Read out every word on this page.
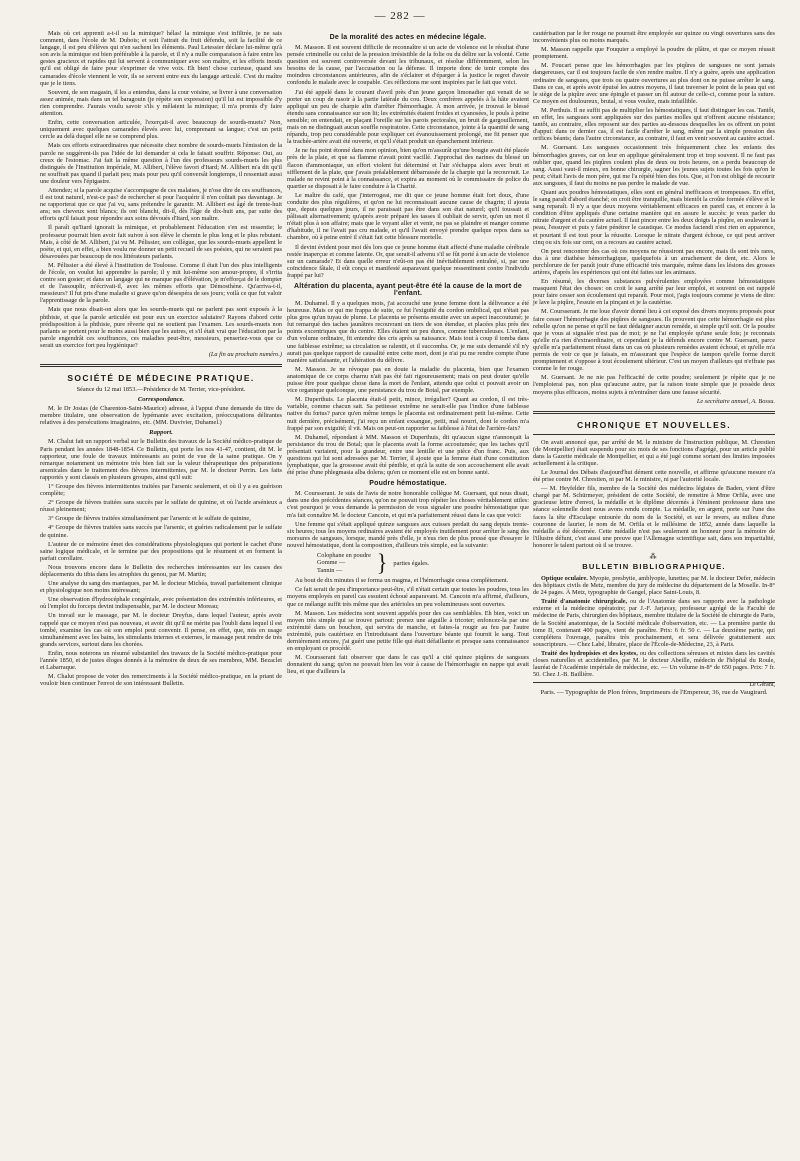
— 282 —

Mais où cet apprenti a-t-il su la mimique? hélas! la mimique s'est infiltrée, je ne sais comment, dans l'école de M. Dubois; et soit l'attrait du fruit défendu, soit la facilité de ce langage, il est peu d'élèves qui n'en sachent les éléments. Paul Letessier déclare lui-même qu'à son avis la mimique est bien préférable à la parole, et il n'y a nulle comparaison à faire entre les gestes gracieux et rapides qui lui servent à communiquer avec son maître, et les efforts inouïs qu'il est obligé de faire pour s'exprimer de vive voix. Eh bien! chose curieuse, quand ses camarades d'école viennent le voir, ils se servent entre eux du langage articulé. C'est du maître que je le tiens.

Souvent, de son magasin, il les a entendus, dans la cour voisine, se livrer à une conversation assez animée, mais dans un tel baragouin (je répète son expression) qu'il lui est impossible d'y rien comprendre. J'aurais voulu savoir s'ils y mêlaient la mimique; il m'a promis d'y faire attention.

Enfin, cette conversation articulée, l'exerçait-il avec beaucoup de sourds-muets? Non, uniquement avec quelques camarades élevés avec lui, comprenant sa langue; c'est un petit cercle au delà duquel elle ne se comprend plus.

Mais ces efforts extraordinaires que nécessite chez nombre de sourds-muets l'émission de la parole ne suggèrent-ils pas l'idée de lui demander si cela le faisait souffrir. Réponse: Oui, au creux de l'estomac. J'ai fait la même question à l'un des professeurs sourds-muets les plus distingués de l'Institution impériale, M. Allibert, l'élève favori d'Itard; M. Allibert m'a dit qu'il ne souffrait pas quand il parlait peu; mais pour peu qu'il conversât longtemps, il ressentait aussi une douleur vers l'épigastre.

Attendez; si la parole acquise s'accompagne de ces malaises, je n'ose dire de ces souffrances, il est tout naturel, n'est-ce pas? de rechercher si pour l'acquérir il n'en coûtait pas davantage. Je ne rapporterai que ce que j'ai vu, sans prétendre le garantir. M. Allibert est âgé de trente-huit ans; ses cheveux sont blancs; ils ont blanchi, dit-il, dès l'âge de dix-huit ans, par suite des efforts qu'il faisait pour répondre aux soins dévoués d'Itard, son maître.

Il paraît qu'Itard ignorait la mimique, et probablement l'éducation s'en est ressentie; le professeur pourrait bien avoir fait suivre à son élève le chemin le plus long et le plus rebutant. Mais, à côté de M. Allibert, j'ai vu M. Pélissier, son collègue, que les sourds-muets appellent le poète, et qui, en effet, a bien voulu me donner un petit recueil de ses poésies, qui ne seraient pas désavouées par beaucoup de nos littérateurs parlants.

M. Pélissier a été élevé à l'institution de Toulouse. Comme il était l'un des plus intelligents de l'école, on voulut lui apprendre la parole; il y mit lui-même son amour-propre, il s'irrita contre son gosier; et dans un langage qui ne manque pas d'élévation, je m'efforçai de le dompter et de l'assouplir, m'écrivait-il, avec les mêmes efforts que Démosthène. Qu'arriva-t-il, messieurs? Il fut pris d'une maladie si grave qu'on désespéra de ses jours; voilà ce que fut valoir l'apprentissage de la parole.

Mais que nous disait-on alors que les sourds-muets qui ne parlent pas sont exposés à la phthisie, et que la parole articulée est pour eux un exercice salutaire? Rayons d'abord cette prédisposition à la phthisie, pure rêverie qui ne soutient pas l'examen. Les sourds-muets non parlants se portent pour le moins aussi bien que les autres, et s'il était vrai que l'éducation par la parole engendrât ces souffrances, ces maladies peut-être, messieurs, penseriez-vous que ce serait un exercice fort peu hygiénique?

(La fin au prochain numéro.)
SOCIÉTÉ DE MÉDECINE PRATIQUE.

Séance du 12 mai 1853.—Présidence de M. Terrier, vice-président.

Correspondance.

M. le Dr Josias (de Charenton-Saint-Maurice) adresse, à l'appui d'une demande du titre de membre titulaire, une observation de lypémanie avec excitation, préoccupations délirantes relatives à des persécutions imaginaires, etc. (MM. Duvivier, Duhamel.)

Rapport.

M. Chalut fait un rapport verbal sur le Bulletin des travaux de la Société médico-pratique de Paris pendant les années 1848-1854. Ce Bulletin, qui porte les nos 41-47, contient, dit M. le rapporteur, une foule de travaux intéressants au point de vue de la saine pratique. On y remarque notamment un mémoire très bien fait sur la valeur thérapeutique des préparations arsenicales dans le traitement des fièvres intermittentes, par M. le docteur Perrin. Les faits rapportés y sont classés en plusieurs groupes, ainsi qu'il suit:

1° Groupe des fièvres intermittentes traitées par l'arsenic seulement, et où il y a eu guérison complète;

2° Groupe de fièvres traitées sans succès par le sulfate de quinine, et où l'acide arsénieux a réussi pleinement;

3° Groupe de fièvres traitées simultanément par l'arsenic et le sulfate de quinine,

4° Groupe de fièvres traitées sans succès par l'arsenic, et guéries radicalement par le sulfate de quinine.

L'auteur de ce mémoire émet des considérations physiologiques qui portent le cachet d'une saine logique médicale, et le termine par des propositions qui le résument et en forment la parfait corollaire.

Nous trouvons encore dans le Bulletin des recherches intéressantes sur les causes des déplacements du tibia dans les atrophies du genou, par M. Martin;

Une analyse du sang des maniaques, par M. le docteur Michéa, travail parfaitement clinique et physiologique non moins intéressant;

Une observation d'hydrocéphale congéniale, avec présentation des extrémités inférieures, et où l'emploi du forceps devint indispensable, par M. le docteur Moreau;

Un travail sur le massage, par M. le docteur Dreyfus, dans lequel l'auteur, après avoir rappelé que ce moyen n'est pas nouveau, et avoir dit qu'il ne mérite pas l'oubli dans lequel il est tombé, examine les cas où son emploi peut convenir. Il pense, en effet, que, mis en usage simultanément avec les bains, les stimulants internes et externes, le massage peut rendre de très grands services, surtout dans les chorées.

Enfin, nous noterons un résumé substantiel des travaux de la Société médico-pratique pour l'année 1850, et de justes éloges donnés à la mémoire de deux de ses membres, MM. Bezaclet et Labarraque.

M. Chalut propose de voter des remerciments à la Société médico-pratique, en la priant de vouloir bien continuer l'envoi de son intéressant Bulletin.

De la moralité des actes en médecine légale.

M. Masson. Il est souvent difficile de reconnaître si un acte de violence est le résultat d'une pensée criminelle ou celui de la pression irrésistible de la folie ou du délire sur la volonté. Cette question est souvent controversée devant les tribunaux, et résolue différemment, selon les besoins de la cause, par l'accusation ou la défense. Il importe donc de tenir compte des moindres circonstances antérieures, afin de s'éclairer et d'éparger à la justice le regret d'avoir confondu le malade avec le coupable. Ces réflexions me sont inspirées par le fait que voici.

J'ai été appelé dans le courant d'avril près d'un jeune garçon limonadier qui venait de se porter un coup de rasoir à la partie latérale du cou. Deux confrères appelés à la hâte avaient appliqué un peu de charpie afin d'arrêter l'hémorrhagie. À mon arrivée, je trouvai le blessé étendu sans connaissance sur son lit; les extrémités étaient froides et cyanosées, le pouls à peine sensible; on entendait, en plaçant l'oreille sur les parois pectorales, un bruit de gargouillement, mais on ne distinguait aucun souffle respiratoire. Cette circonstance, jointe à la quantité de sang répandu, trop peu considérable pour expliquer cet évanouissement prolongé, me fit penser que la trachée-artère avait été ouverte, et qu'il s'était produit un épanchement intérieur.

Je ne fus point étonné dans mon opinion, bien qu'on m'assurât qu'une bougie avait été placée près de la plaie, et que sa flamme n'avait point vacillé. J'approchai des narines du blessé un flacon d'ammoniaque, un effort violent fut déterminé et l'air s'échappa alors avec bruit et sifflement de la plaie, que j'avais préalablement débarrassée de la charpie qui la recouvrait. Le malade ne revint point à la connaissance, et expira au moment où le commissaire de police du quartier se disposait à le faire conduire à la Charité.

Le maître du café, que j'interrogeai, me dit que ce jeune homme était fort doux, d'une conduite des plus régulières, et qu'on ne lui reconnaissait aucune cause de chagrin; il ajouta que, depuis quelques jours, il ne paraissait pas être dans son état naturel; qu'il toussait et pâlissait alternativement; qu'après avoir préparé les tasses il oubliait de servir, qu'en un mot il n'était plus à son affaire; mais que le voyant aller et venir, ne pas se plaindre et manger comme d'habitude, il ne l'avait pas cru malade, et qu'il l'avait envoyé prendre quelque repos dans sa chambre, où à peine entré il s'était fait cette blessure mortelle.

Il devint évident pour moi dès lors que ce jeune homme était affecté d'une maladie cérébrale restée inaperçue et comme latente. Or, que serait-il advenu s'il se fût porté à un acte de violence sur un camarade? Et dans quelle erreur n'eût-on pas été inévitablement entraîné, si, par une coïncidence fâtale, il eût conçu et manifesté auparavant quelque ressentiment contre l'individu frappé par lui?

Altération du placenta, ayant peut-être été la cause de la mort de l'enfant.

M. Duhamel. Il y a quelques mois, j'ai accouché une jeune femme dont la délivrance a été heureuse. Mais ce qui me frappa de suite, ce fut l'exiguïté du cordon ombilical, qui n'était pas plus gros qu'un tuyau de plume. Le placenta se présenta ensuite avec un aspect inaccoutumé; je fut remarqué des taches jaunâtres recouvrant un tiers de son étendue, et placées plus près des points excentriques que du centre. Elles étaient un peu dures, comme tuberculeuses. L'enfant, d'un volume ordinaire, fit entendre des cris après sa naissance. Mais tout à coup il tomba dans une faiblesse extrême; sa circulation se ralentit, et il succomba. Or, je me suis demandé s'il n'y aurait pas quelque rapport de causalité entre cette mort, dont je n'ai pu me rendre compte d'une manière satisfaisante, et l'altération du délivre.

M. Masson. Je ne révoque pas en doute la maladie du placenta, bien que l'examen anatomique de ce corps charnu n'ait pas été fait rigoureusement; mais on peut douter qu'elle puisse être pour quelque chose dans la mort de l'enfant, attendu que celui ci pouvait avoir un vice organique quelconque, une persistance du trou de Botal, par exemple.

M. Duperthuis. Le placenta était-il petit, mince, irrégulier? Quant au cordon, il est très-variable, comme chacun sait. Sa petitesse extrême ne serait-elle pas l'indice d'une faiblesse native du fœtus? parce qu'en même temps le placenta est ordinairement petit lui-même. Cette nuit dernière, précisément, j'ai reçu un enfant exsangue, petit, mal nourri, dont le cordon m'a frappé par son exiguïté; il vit. Mais on peut-on rapporter sa faiblesse à l'état de l'arrière-faix?

M. Duhamel, répondant à MM. Masson et Duperthuis, dit qu'aucun signe n'annonçait la persistance du trou de Botal; que le placenta avait la forme accoutumée; que les taches qu'il présentait variaient, pour la grandeur, entre une lentille et une pièce d'un franc. Puis, aux questions qui lui sont adressées par M. Terrier, il ajoute que la femme était d'une constitution lymphatique, que la grossesse avait été pénible, et qu'à la suite de son accouchement elle avait été prise d'une phlegmasia alba dolens; qu'en ce moment elle est en bonne santé.

Poudre hémostatique.

M. Coursserant. Je suis de l'avis de notre honorable collègue M. Guersant, qui nous disait, dans une des précédentes séances, qu'on ne pouvait trop répéter les choses véritablement utiles: c'est pourquoi je vous demande la permission de vous signaler une poudre hémostatique que m'a fait connaître M. le docteur Cancoin, et qui m'a parfaitement réussi dans le cas que voici:

Une femme qui s'était appliqué quinze sangsues aux cuisses perdait du sang depuis trente-six heures; tous les moyens ordinaires avaient été employés inutilement pour arrêter le sang des morsures de sangsues, lorsque, mandé près d'elle, je n'eus rien de plus pressé que d'essayer le nouvel hémostatique, dont la composition, d'ailleurs très simple, est la suivante:

Colophane en poudre
Gomme —
Tannin —	} parties égales.

Au bout de dix minutes il se forma un magma, et l'hémorrhagie cessa complètement.

Ce fait serait de peu d'importance peut-être, s'il n'était certain que toutes les poudres, tous les moyens employés en pareil cas essuient échoué auparavant. M. Cancoin m'a affirmé, d'ailleurs, que ce mélange suffit très même que des artérioles un peu volumineuses sont ouvertes.

M. Masson. Les médecins sont souvent appelés pour des cas semblables. Eh bien, voici un moyen très simple qui se trouve partout: prenez une aiguille à tricoter; enfoncez-la par une extrémité dans un bouchon, qui servira de manche, et faites-la rougir au feu par l'autre extrémité, puis cautérisez en l'introduisant dans l'ouverture béante qui fournit le sang. Tout dernièrement encore, j'ai guéri une petite fille qui était défaillante et presque sans connaissance en employant ce procédé.

M. Coursserant fait observer que dans le cas qu'il a cité quinze piqûres de sangsues donnaient du sang; qu'on ne pouvait bien les voir à cause de l'hémorrhagie en nappe qui avait lieu, et que d'ailleurs la

cautérisation par le fer rouge ne pourrait être employée sur quinze ou vingt ouvertures sans des inconvénients plus ou moins marqués.

M. Masson rappelle que Fouquier a employé la poudre de plâtre, et que ce moyen réussit promptement.

M. Foucart pense que les hémorrhagies par les piqûres de sangsues ne sont jamais dangereuses, car il est toujours facile de s'en rendre maître. Il n'y a guère, après une application ordinaire de sangsues, que trois ou quatre ouvertures au plus dont on ne puisse arrêter le sang. Dans ce cas, et après avoir épuisé les autres moyens, il faut traverser le point de la peau qui est le siège de la piqûre avec une épingle et passer un fil autour de celle-ci, comme pour la suture. Ce moyen est douloureux, brutal, si vous voulez, mais infaillible.

M. Perthuis. Il ne suffit pas de multiplier les hémostatiques, il faut distinguer les cas. Tantôt, en effet, les sangsues sont appliquées sur des parties molles qui n'offrent aucune résistance; tantôt, au contraire, elles reposent sur des parties au-dessous desquelles les os offrent un point d'appui: dans ce dernier cas, il est facile d'arrêter le sang, même par la simple pression des orifices béants; dans l'autre circonstance, au contraire, il faut en venir souvent au cautère actuel.

M. Guersant. Les sangsues occasionnent très fréquemment chez les enfants des hémorrhagies graves, car on leur en applique généralement trop et trop souvent. Il ne faut pas oublier que, quand les piqûres coulent plus de deux ou trois heures, on a perdu beaucoup de sang. Aussi vaut-il mieux, en bonne chirurgie, sagner les jeunes sujets toutes les fois qu'on le peut; c'était l'avis de mon père, qui me l'a répété bien des fois. Que, si l'on est obligé de recourir aux sangsues, il faut du moins ne pas perdre le malade de vue.

Quant aux poudres hémostatiques, elles sont en général inefficaces et trompeuses. En effet, le sang paraît d'abord étanché; on croit être tranquille, mais bientôt la croûte formée s'élève et le sang reparaît. Il n'y a que deux moyens véritablement efficaces en pareil cas, et encore à la condition d'être appliqués d'une certaine manière qui en assure le succès: je veux parler du nitrate d'argent et du cautère actuel. Il faut pincer entre les deux doigts la piqûre, en soulevant la peau, l'essuyer et puis y faire pénétrer le caustique. Ce modus faciendi n'est rien en apparence, et pourtant il est tout pour la réussite. Lorsque le nitrate d'argent échoue, ce qui peut arriver cinq ou six fois sur cent, on a recours au cautère actuel.

On peut rencontrer des cas où ces moyens ne réussiront pas encore, mais ils sont très rares, dus à une diathèse hémorrhagique, quelquefois à un arrachement de dent, etc. Alors le perchlorure de fer paraît jouir d'une efficacité très marquée, même dans les lésions des grosses artères, d'après les expériences qui ont été faites sur les animaux.

En résumé, les diverses substances pulvérulentes employées comme hémostatiques masquent l'état des choses: on croit le sang arrêté par leur emploi, et souvent on est rappelé pour faire cesser son écoulement qui reparaît. Pour moi, j'agis toujours comme je viens de dire: je lave la piqûre, l'essuie en la pinçant et je la cautérise.

M. Coursserant. Je me loue d'avoir donné lieu à cet exposé des divers moyens proposés pour faire cesser l'hémorrhagie des piqûres de sangsues. Ils prouvent que cette hémorrhagie est plus rebelle qu'on ne pense et qu'il ne faut dédaigner aucun remède, si simple qu'il soit. Or la poudre que je vous ai signalée n'est pas de moi; je ne l'ai employée qu'une seule fois; je reconnais qu'elle n'a rien d'extraordinaire, et cependant je la défends encore contre M. Guersant, parce qu'elle m'a parfaitement réussi dans un cas où plusieurs remèdes avaient échoué, et qu'elle m'a permis de voir ce que je faisais, en m'assurant que l'espèce de tampon qu'elle forme durcit promptement et s'oppose à tout écoulement ultérieur. C'est un moyen d'ailleurs qui n'effraie pas comme le fer rouge.

M. Guersant. Je ne nie pas l'efficacité de cette poudre; seulement je répète que je ne l'emploierai pas, non plus qu'aucune autre, par la raison toute simple que je possède deux moyens plus efficaces, moins sujets à m'entraîner dans une fausse sécurité.

Le secrétaire annuel, A. Bossu.
CHRONIQUE ET NOUVELLES.

On avait annoncé que, par arrêté de M. le ministre de l'instruction publique, M. Chrestien (de Montpellier) était suspendu pour six mois de ses fonctions d'agrégé, pour un article publié dans la Gazette médicale de Montpellier, et qui a été jugé comme sortant des limites imposées actuellement à la critique.

Le Journal des Débats d'aujourd'hui dément cette nouvelle, et affirme qu'aucune mesure n'a été prise contre M. Chrestien, ni par M. le ministre, ni par l'autorité locale.

— M. Heyfelder fils, membre de la Société des médecins légistes de Baden, vient d'être chargé par M. Schürmeyer, président de cette Société, de remettre à Mme Orfila, avec une gracieuse lettre d'envoi, la médaille et le diplôme décernés à l'éminent professeur dans une séance solennelle dont nous avons rendu compte. La médaille, en argent, porte sur l'une des faces la tête d'Esculape entourée du nom de la Société, et sur le revers, au milieu d'une couronne de laurier, le nom de M. Orfila et le millésime de 1852, année dans laquelle la médaille a été décernée. Cette médaille n'est pas seulement un honneur pour la mémoire de l'illustre défunt, c'est aussi une preuve que l'Allemagne scientifique sait, dans son impartialité, honorer le talent partout où il se trouve.

⁂
BULLETIN BIBLIOGRAPHIQUE.

Optique oculaire. Myopie, presbytie, amblyopie, lunettes; par M. le docteur Defer, médecin des hôpitaux civils de Metz, membre du jury de médecine du département de la Moselle. In-8° de 24 pages. À Metz, typographie de Gangel, place Saint-Louis, 8.

Traité d'anatomie chirurgicale, ou de l'Anatomie dans ses rapports avec la pathologie externe et la médecine opératoire; par J.-F. Jarjavay, professeur agrégé de la Faculté de médecine de Paris, chirurgien des hôpitaux, membre titulaire de la Société de chirurgie de Paris, de la Société anatomique, de la Société médicale d'observation, etc. — La première partie du tome II, contenant 400 pages, vient de paraître. Prix: 6 fr. 50 c. — La deuxième partie, qui complétera l'ouvrage, paraîtra très prochainement, et sera délivrée gratuitement aux souscripteurs. — Chez Labé, libraire, place de l'École-de-Médecine, 23, à Paris.

Traité des hydropisies et des kystes, ou des collections séreuses et mixtes dans les cavités closes naturelles et accidentelles, par M. le docteur Abeille, médecin de l'hôpital du Roule, lauréat de l'Académie impériale de médecine, etc. — Un volume in-8° de 650 pages. Prix: 7 fr. 50. Chez J.-B. Baillière.

Le Gérant,
Paris. — Typographie de Plon frères, Imprimeurs de l'Empereur, 36, rue de Vaugirard.
